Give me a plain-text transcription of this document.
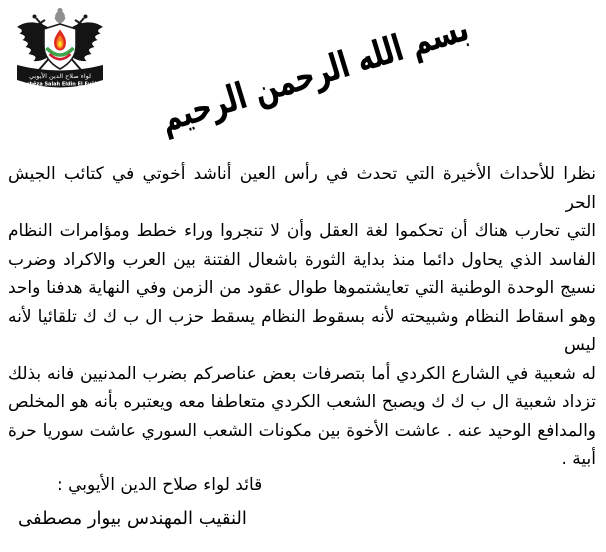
لواء صلاح الدين الأيوبي
Serhêza Salah Eldin El Eyûbî بسم الله الرحمن الرحيم
نظرا للأحداث الأخيرة التي تحدث في رأس العين أناشد أخوتي في كتائب الجيش الحر
التي تحارب هناك أن تحكموا لغة العقل وأن لا تنجروا وراء خطط ومؤامرات النظام
الفاسد الذي يحاول دائما منذ بداية الثورة باشعال الفتنة بين العرب والاكراد وضرب
نسيج الوحدة الوطنية التي تعايشتموها طوال عقود من الزمن وفي النهاية هدفنا واحد
وهو اسقاط النظام وشبيحته لأنه بسقوط النظام يسقط حزب ال ب ك ك تلقائيا لأنه ليس
له شعبية في الشارع الكردي أما بتصرفات بعض عناصركم بضرب المدنيين فانه بذلك
تزداد شعبية ال ب ك ك ويصبح الشعب الكردي متعاطفا معه ويعتبره بأنه هو المخلص
والمدافع الوحيد عنه . عاشت الأخوة بين مكونات الشعب السوري عاشت سوريا حرة
أبية .
قائد لواء صلاح الدين الأيوبي :
النقيب المهندس بيوار مصطفى
